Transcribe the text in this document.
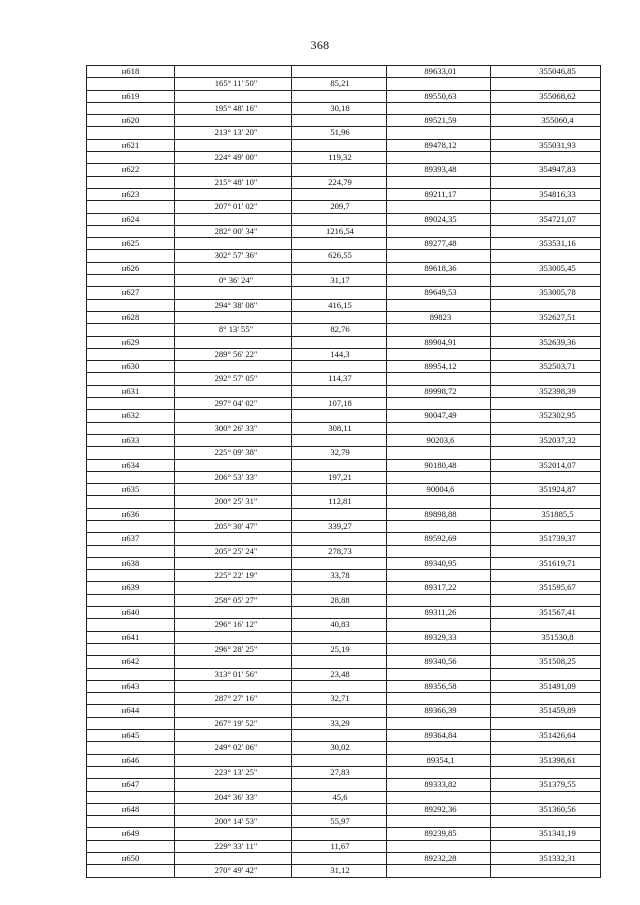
368
н618			89633,01	355046,85
	165° 11' 50"	85,21		
н619			89550,63	355068,62
	195° 48' 16"	30,18		
н620			89521,59	355060,4
	213° 13' 20"	51,96		
н621			89478,12	355031,93
	224° 49' 00"	119,32		
н622			89393,48	354947,83
	215° 48' 10"	224,79		
н623			89211,17	354816,33
	207° 01' 02"	209,7		
н624			89024,35	354721,07
	282° 00' 34"	1216,54		
н625			89277,48	353531,16
	302° 57' 36"	626,55		
н626			89618,36	353005,45
	0° 36' 24"	31,17		
н627			89649,53	353005,78
	294° 38' 08"	416,15		
н628			89823	352627,51
	8° 13' 55"	82,76		
н629			89904,91	352639,36
	289° 56' 22"	144,3		
н630			89954,12	352503,71
	292° 57' 05"	114,37		
н631			89998,72	352398,39
	297° 04' 02"	107,18		
н632			90047,49	352302,95
	300° 26' 33"	308,11		
н633			90203,6	352037,32
	225° 09' 38"	32,79		
н634			90180,48	352014,07
	206° 53' 33"	197,21		
н635			90004,6	351924,87
	200° 25' 31"	112,81		
н636			89898,88	351885,5
	205° 30' 47"	339,27		
н637			89592,69	351739,37
	205° 25' 24"	278,73		
н638			89340,95	351619,71
	225° 22' 19"	33,78		
н639			89317,22	351595,67
	258° 05' 27"	28,88		
н640			89311,26	351567,41
	296° 16' 12"	40,83		
н641			89329,33	351530,8
	296° 28' 25"	25,19		
н642			89340,56	351508,25
	313° 01' 56"	23,48		
н643			89356,58	351491,09
	287° 27' 16"	32,71		
н644			89366,39	351459,89
	267° 19' 52"	33,29		
н645			89364,84	351426,64
	249° 02' 06"	30,02		
н646			89354,1	351398,61
	223° 13' 25"	27,83		
н647			89333,82	351379,55
	204° 36' 33"	45,6		
н648			89292,36	351360,56
	200° 14' 53"	55,97		
н649			89239,85	351341,19
	229° 33' 11"	11,67		
н650			89232,28	351332,31
	270° 49' 42"	31,12		
